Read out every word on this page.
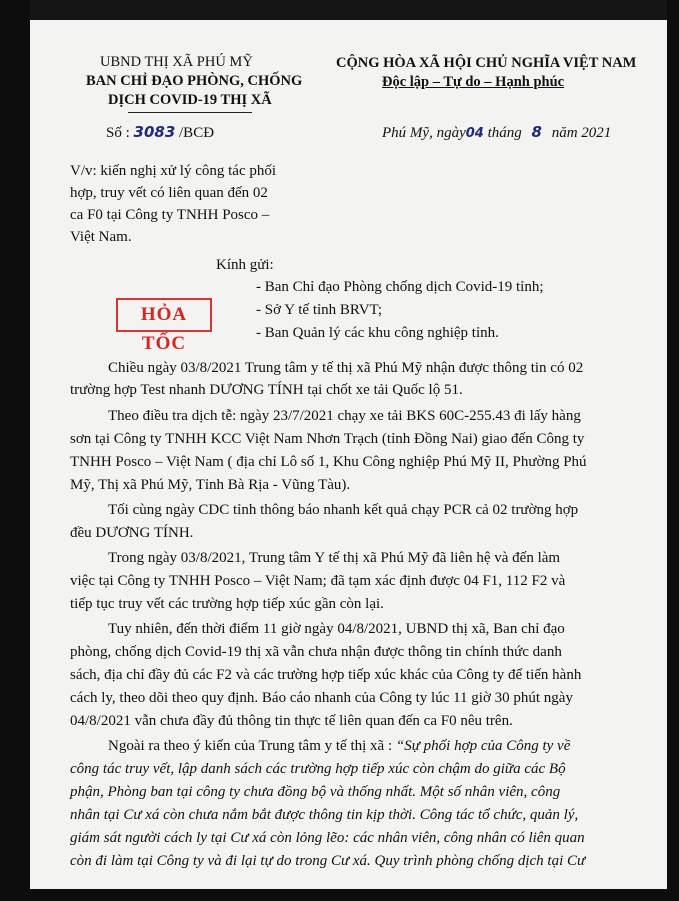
UBND THỊ XÃ PHÚ MỸ
BAN CHỈ ĐẠO PHÒNG, CHỐNG
DỊCH COVID-19 THỊ XÃ
Số : 3083 /BCĐ
CỘNG HÒA XÃ HỘI CHỦ NGHĨA VIỆT NAM
Độc lập – Tự do – Hạnh phúc
Phú Mỹ, ngày04 tháng 8 năm 2021
V/v: kiến nghị xử lý công tác phối
hợp, truy vết có liên quan đến 02
ca F0 tại Công ty TNHH Posco –
Việt Nam.
Kính gửi:
- Ban Chỉ đạo Phòng chống dịch Covid-19 tỉnh;
- Sở Y tế tỉnh BRVT;
- Ban Quản lý các khu công nghiệp tỉnh.
HỎA TỐC
Chiều ngày 03/8/2021 Trung tâm y tế thị xã Phú Mỹ nhận được thông tin có 02
trường hợp Test nhanh DƯƠNG TÍNH tại chốt xe tải Quốc lộ 51.
Theo điều tra dịch tễ: ngày 23/7/2021 chạy xe tải BKS 60C-255.43 đi lấy hàng
sơn tại Công ty TNHH KCC Việt Nam Nhơn Trạch (tỉnh Đồng Nai) giao đến Công ty
TNHH Posco – Việt Nam ( địa chỉ Lô số 1, Khu Công nghiệp Phú Mỹ II, Phường Phú
Mỹ, Thị xã Phú Mỹ, Tỉnh Bà Rịa - Vũng Tàu).
Tối cùng ngày CDC tỉnh thông báo nhanh kết quả chạy PCR cả 02 trường hợp
đều DƯƠNG TÍNH.
Trong ngày 03/8/2021, Trung tâm Y tế thị xã Phú Mỹ đã liên hệ và đến làm
việc tại Công ty TNHH Posco – Việt Nam; đã tạm xác định được 04 F1, 112 F2 và
tiếp tục truy vết các trường hợp tiếp xúc gần còn lại.
Tuy nhiên, đến thời điểm 11 giờ ngày 04/8/2021, UBND thị xã, Ban chỉ đạo
phòng, chống dịch Covid-19 thị xã vẫn chưa nhận được thông tin chính thức danh
sách, địa chỉ đầy đủ các F2 và các trường hợp tiếp xúc khác của Công ty để tiến hành
cách ly, theo dõi theo quy định. Báo cáo nhanh của Công ty lúc 11 giờ 30 phút ngày
04/8/2021 vẫn chưa đầy đủ thông tin thực tế liên quan đến ca F0 nêu trên.
Ngoài ra theo ý kiến của Trung tâm y tế thị xã : “Sự phối hợp của Công ty về
công tác truy vết, lập danh sách các trường hợp tiếp xúc còn chậm do giữa các Bộ
phận, Phòng ban tại công ty chưa đồng bộ và thống nhất. Một số nhân viên, công
nhân tại Cư xá còn chưa nắm bắt được thông tin kịp thời. Công tác tổ chức, quản lý,
giám sát người cách ly tại Cư xá còn lỏng lẽo: các nhân viên, công nhân có liên quan
còn đi làm tại Công ty và đi lại tự do trong Cư xá. Quy trình phòng chống dịch tại Cư
